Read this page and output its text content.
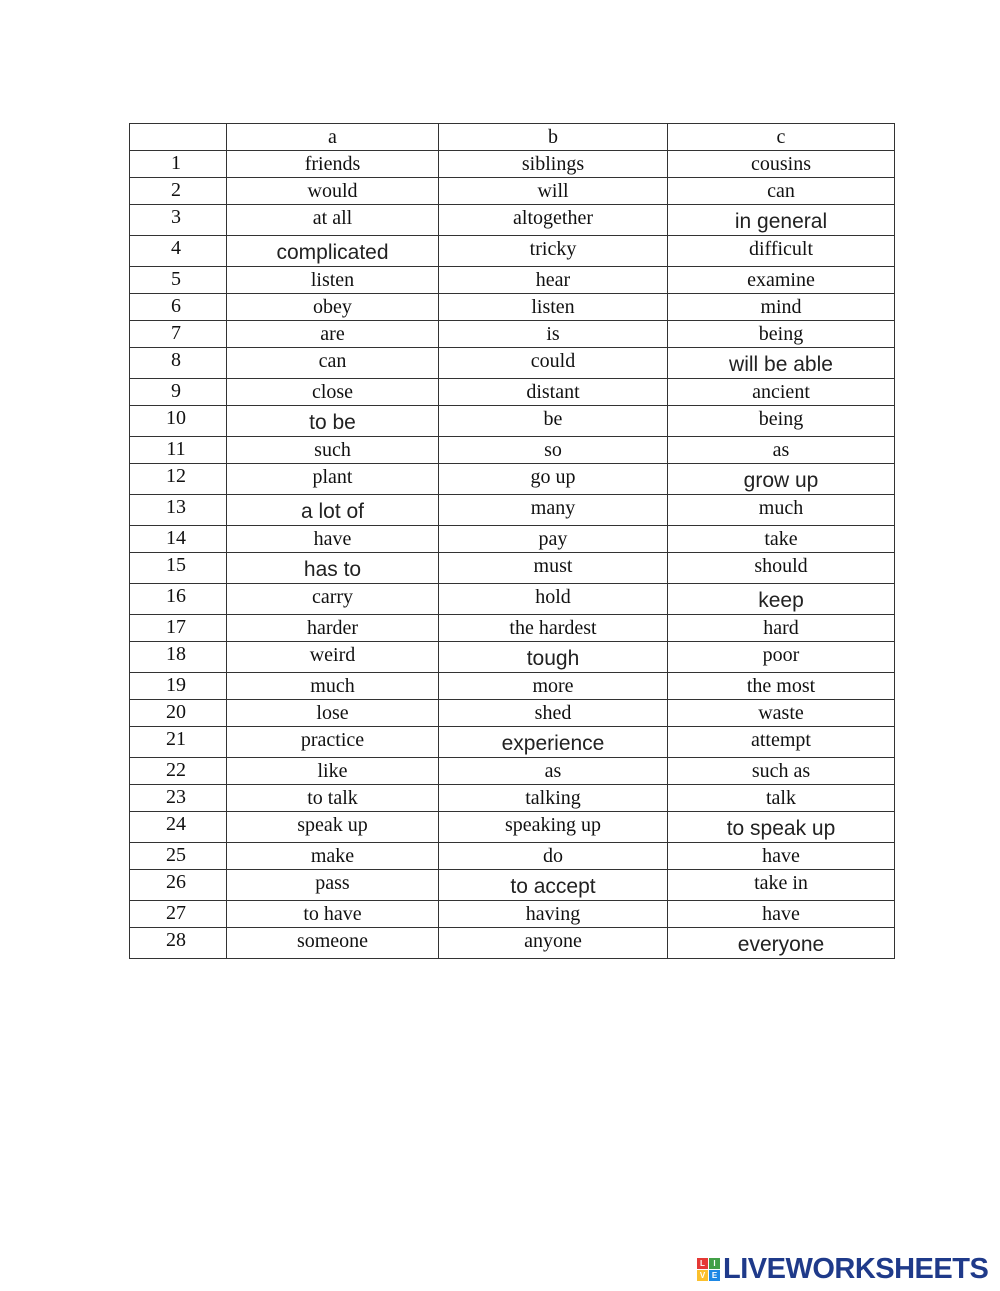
	a	b	c
1	friends	siblings	cousins
2	would	will	can
3	at all	altogether	in general
4	complicated	tricky	difficult
5	listen	hear	examine
6	obey	listen	mind
7	are	is	being
8	can	could	will be able
9	close	distant	ancient
10	to be	be	being
11	such	so	as
12	plant	go up	grow up
13	a lot of	many	much
14	have	pay	take
15	has to	must	should
16	carry	hold	keep
17	harder	the hardest	hard
18	weird	tough	poor
19	much	more	the most
20	lose	shed	waste
21	practice	experience	attempt
22	like	as	such as
23	to talk	talking	talk
24	speak up	speaking up	to speak up
25	make	do	have
26	pass	to accept	take in
27	to have	having	have
28	someone	anyone	everyone
L	I
V E LIVEWORKSHEETS
